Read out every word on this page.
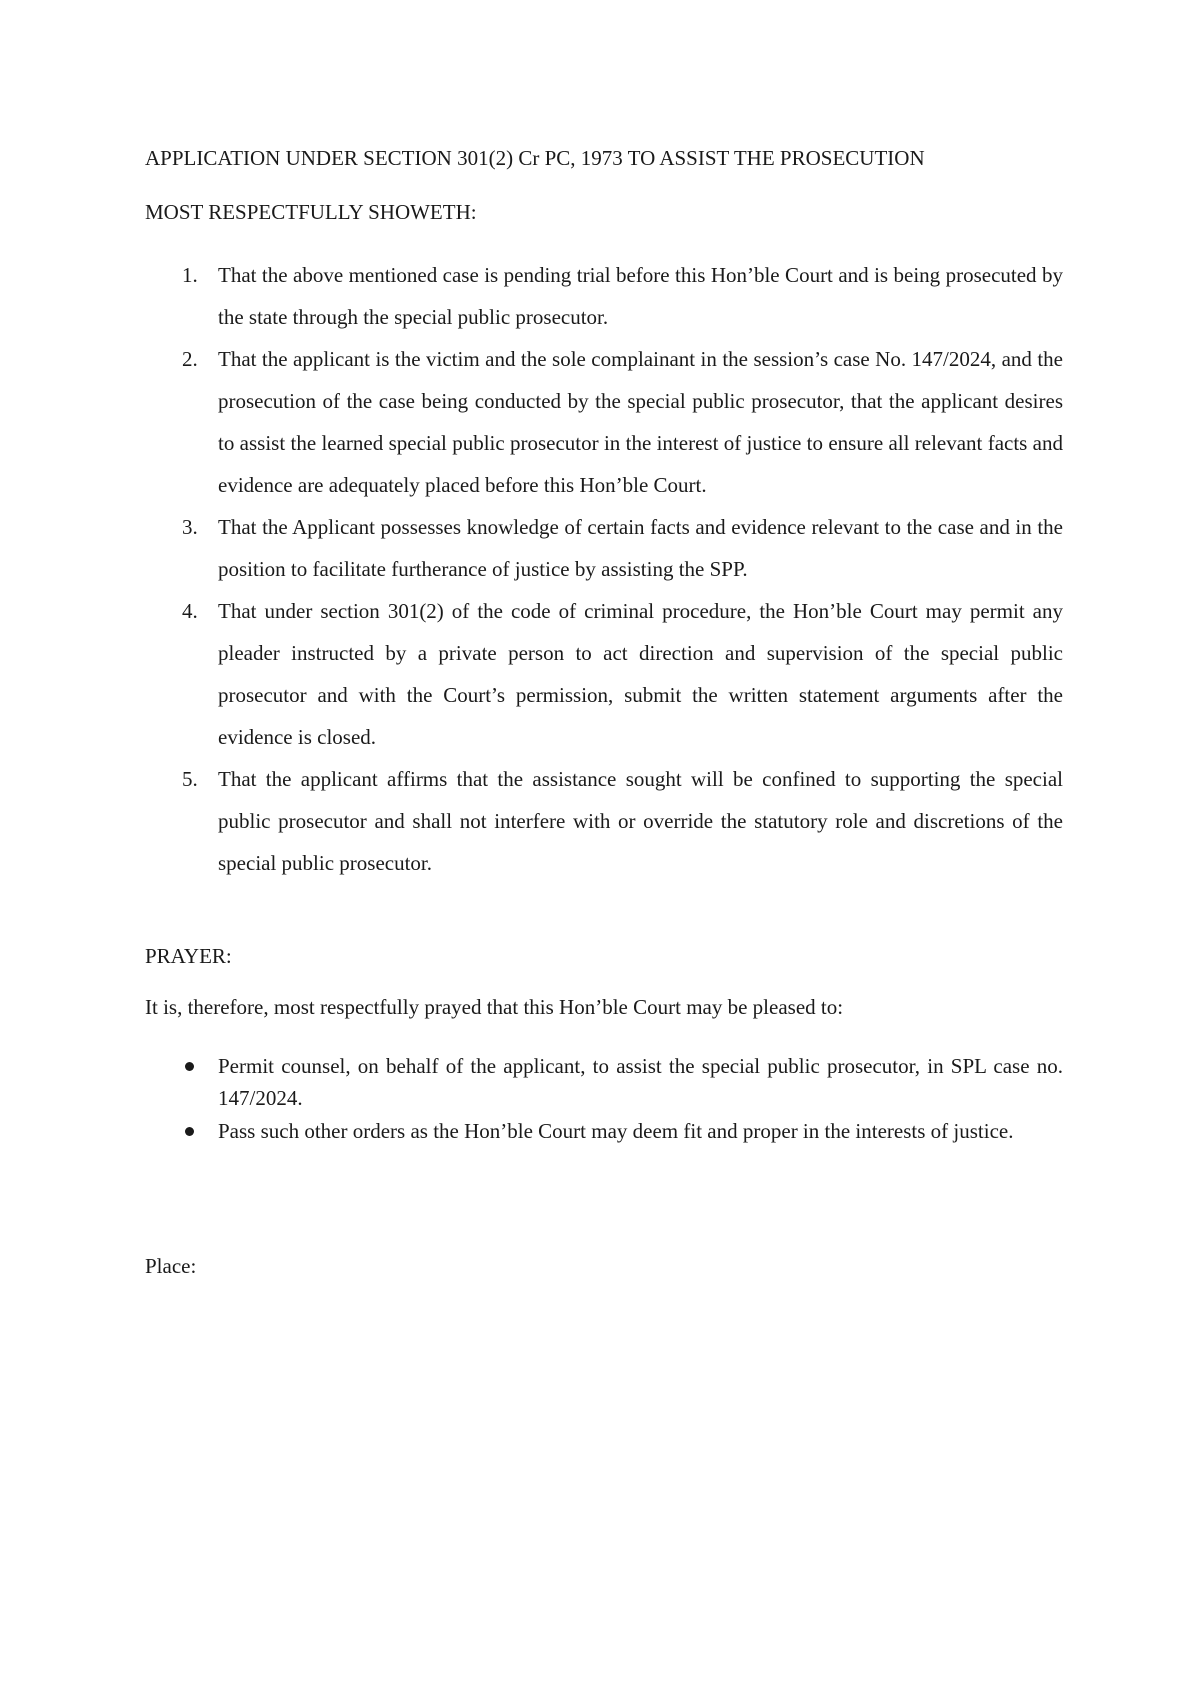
APPLICATION UNDER SECTION 301(2) Cr PC, 1973 TO ASSIST THE PROSECUTION
MOST RESPECTFULLY SHOWETH:
1. That the above mentioned case is pending trial before this Hon’ble Court and is being prosecuted by the state through the special public prosecutor.
2. That the applicant is the victim and the sole complainant in the session’s case No. 147/2024, and the prosecution of the case being conducted by the special public prosecutor, that the applicant desires to assist the learned special public prosecutor in the interest of justice to ensure all relevant facts and evidence are adequately placed before this Hon’ble Court.
3. That the Applicant possesses knowledge of certain facts and evidence relevant to the case and in the position to facilitate furtherance of justice by assisting the SPP.
4. That under section 301(2) of the code of criminal procedure, the Hon’ble Court may permit any pleader instructed by a private person to act direction and supervision of the special public prosecutor and with the Court’s permission, submit the written statement arguments after the evidence is closed.
5. That the applicant affirms that the assistance sought will be confined to supporting the special public prosecutor and shall not interfere with or override the statutory role and discretions of the special public prosecutor.
PRAYER:
It is, therefore, most respectfully prayed that this Hon’ble Court may be pleased to:
Permit counsel, on behalf of the applicant, to assist the special public prosecutor, in SPL case no. 147/2024.
Pass such other orders as the Hon’ble Court may deem fit and proper in the interests of justice.
Place:
